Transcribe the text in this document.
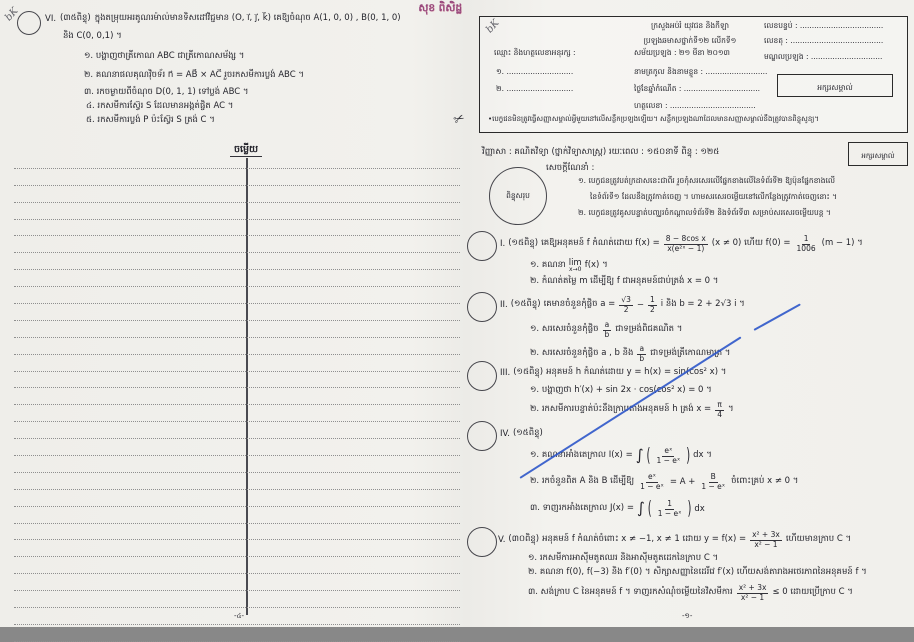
bK	VI. (៣៥ពិន្ទុ) ក្នុងតម្រុយអរតូណរម៉ាល់មានទិសដៅវិជ្ជមាន (O, i⃗, j⃗, k⃗) គេឱ្យចំណុច A(1, 0, 0) , B(0, 1, 0)
និង C(0, 0,1) ។
១. បង្ហាញថាត្រីកោណ ABC ជាត្រីកោណសម័ង្ស ។
២. គណនាផលគុណវ៉ិចទ័រ n⃗ = AB⃗ × AC⃗ រួចរកសមីការប្លង់ ABC ។
៣. រកចម្ងាយពីចំណុច D(0, 1, 1) ទៅប្លង់ ABC ។
៤. រកសមីការស្វ៊ែរ S ដែលមានអង្កត់ផ្ចិត AC ។
៥. រកសមីការប្លង់ P ប៉ះស្វ៊ែរ S ត្រង់ C ។
ចម្លើយ
-៤-
សុខ ពិសិដ្ឋ
bK	ក្រសួងអប់រំ យុវជន និងកីឡា
ប្រឡងឆមាសថ្នាក់ទី១២ លើកទី១
លេខបន្ទប់ : ...................................
លេខតុ : .......................................
មណ្ឌលប្រឡង : ..............................
ឈ្មោះ និងហត្ថលេខាអនុរក្ស :	សម័យប្រឡង : ២១ មីនា ២០១៣
១. ............................	នាមត្រកូល និងនាមខ្លួន : ..........................
២. ............................	ថ្ងៃខែឆ្នាំកំណើត : ................................
ហត្ថលេខា : ....................................
អក្សរសម្គាល់
•បេក្ខជនមិនត្រូវធ្វើសញ្ញាសម្គាល់អ្វីមួយនៅលើសន្លឹកប្រឡងឡើយ។ សន្លឹកប្រឡងណាដែលមានសញ្ញាសម្គាល់នឹងត្រូវបានពិន្ទុសូន្យ។
✂
វិញ្ញាសា : គណិតវិទ្យា (ថ្នាក់វិទ្យាសាស្ត្រ) រយៈពេល : ១៥០នាទី ពិន្ទុ : ១២៥	អក្សរសម្គាល់
សេចក្តីណែនាំ :
ពិន្ទុសរុប
១. បេក្ខជនត្រូវបត់ក្រដាសនេះជាពីរ រួចកុំសរសេរលើផ្នែកខាងលើនៃទំព័រទី២ ឱ្យប៉ុនផ្នែកខាងលើ
នៃទំព័រទី១ ដែលនឹងត្រូវកាត់ចេញ ។ ហាមសរសេរចម្លើយនៅលើកន្លែងត្រូវកាត់ចេញនោះ ។
២. បេក្ខជនត្រូវគូសបន្ទាត់បញ្ឈរចំកណ្តាលទំព័រទី២ និងទំព័រទី៣ សម្រាប់សរសេរចម្លើយបន្ត ។
I. (១៥ពិន្ទុ) គេឱ្យអនុគមន៍ f កំណត់ដោយ $f(x) = \frac{\text{8 − 8cos x}}{\text{x(e²ˣ − 1)}} (x \ne 0)$ ហើយ $f(0) = \frac{1}{1006} (m - 1)$ ។
១. គណនា lim
x→0 f(x) ។
២. កំណត់តម្លៃ m ដើម្បីឱ្យ f ជាអនុគមន៍ជាប់ត្រង់ x = 0 ។
II. (១៥ពិន្ទុ) គេមានចំនួនកុំផ្លិច $a = \frac{√3}{2} - \frac{1}{2}$ i និង b = 2 + 2√3 i ។
១. សរសេរចំនួនកុំផ្លិច $\frac{a}{b}$ ជាទម្រង់ពិជគណិត ។
២. សរសេរចំនួនកុំផ្លិច a , b និង $\frac{a}{b}$ ជាទម្រង់ត្រីកោណមាត្រ ។
III. (១៥ពិន្ទុ) អនុគមន៍ h កំណត់ដោយ y = h(x) = sin(cos² x) ។
១. បង្ហាញថា h′(x) + sin 2x · cos(cos² x) = 0 ។
២. រកសមីការបន្ទាត់ប៉ះនឹងក្រាបតាងអនុគមន៍ h ត្រង់ $x = \frac{\pi}{4}$ ។
IV. (១៥ពិន្ទុ)
១. គណនាអាំងតេក្រាល I(x) = ∫ ( $\frac{\text{eˣ}}{\text{1 − eˣ}}$ ) dx ។
២. រកចំនួនពិត A និង B ដើម្បីឱ្យ $\frac{\text{eˣ}}{\text{1 − eˣ}} = A + \frac{B}{\text{1 − eˣ}}$ ចំពោះគ្រប់ x ≠ 0 ។
៣. ទាញរកអាំងតេក្រាល J(x) = ∫ ( $\frac{1}{\text{1 − eˣ}}$ ) dx
V. (៣០ពិន្ទុ) អនុគមន៍ f កំណត់ចំពោះ x ≠ −1, x ≠ 1 ដោយ $y = f(x) = \frac{\text{x² + 3x}}{\text{x² − 1}}$ ហើយមានក្រាប C ។
១. រកសមីការអាស៊ីមតូតឈរ និងអាស៊ីមតូតដេកនៃក្រាប C ។
២. គណនា f(0), f(−3) និង f′(0) ។ សិក្សាសញ្ញានៃដេរីវេ f′(x) ហើយសង់តារាងអថេរភាពនៃអនុគមន៍ f ។
៣. សង់ក្រាប C នៃអនុគមន៍ f ។ ទាញរកសំណុំចម្លើយនៃវិសមីការ $\frac{\text{x² + 3x}}{\text{x² − 1}} \le 0$ ដោយប្រើក្រាប C ។
-១-
